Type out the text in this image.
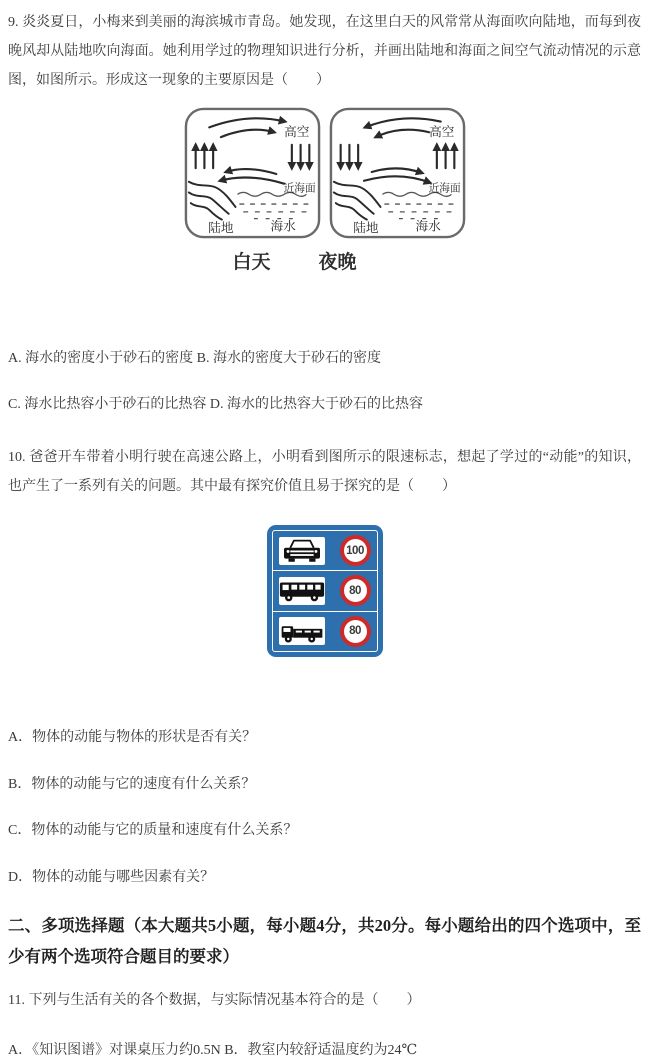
9. 炎炎夏日，小梅来到美丽的海滨城市青岛。她发现，在这里白天的风常常从海面吹向陆地，而每到夜晚风却从陆地吹向海面。她利用学过的物理知识进行分析，并画出陆地和海面之间空气流动情况的示意图，如图所示。形成这一现象的主要原因是（　　）

高空
近海面
陆地	海水
高空
近海面
陆地	海水
白天	夜晚

A. 海水的密度小于砂石的密度 B. 海水的密度大于砂石的密度

C. 海水比热容小于砂石的比热容 D. 海水的比热容大于砂石的比热容

10. 爸爸开车带着小明行驶在高速公路上，小明看到图所示的限速标志，想起了学过的“动能”的知识，也产生了一系列有关的问题。其中最有探究价值且易于探究的是（　　）

100
80
80

A．物体的动能与物体的形状是否有关？

B．物体的动能与它的速度有什么关系？

C．物体的动能与它的质量和速度有什么关系？

D．物体的动能与哪些因素有关？

二、多项选择题（本大题共5小题，每小题4分，共20分。每小题给出的四个选项中，至少有两个选项符合题目的要求）

11. 下列与生活有关的各个数据，与实际情况基本符合的是（　　）

A．《知识图谱》对课桌压力约0.5N B．教室内较舒适温度约为24℃
